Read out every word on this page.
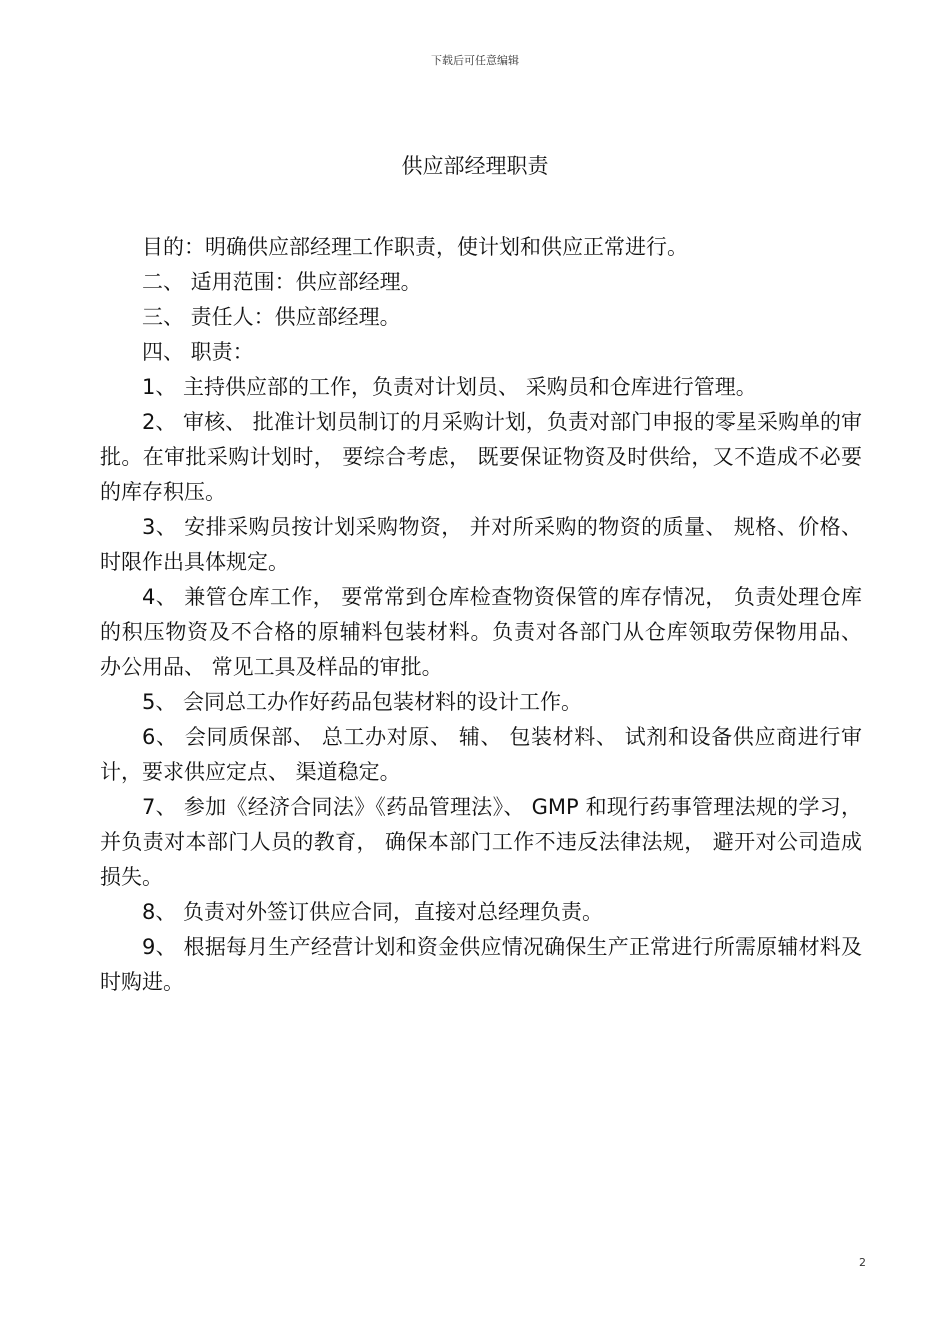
下载后可任意编辑
供应部经理职责

目的：明确供应部经理工作职责，使计划和供应正常进行。

二、 适用范围：供应部经理。

三、 责任人：供应部经理。

四、 职责：

1、 主持供应部的工作，负责对计划员、 采购员和仓库进行管理。

2、 审核、 批准计划员制订的月采购计划，负责对部门申报的零星采购单的审批。在审批采购计划时， 要综合考虑， 既要保证物资及时供给，又不造成不必要的库存积压。

3、 安排采购员按计划采购物资， 并对所采购的物资的质量、 规格、价格、 时限作出具体规定。

4、 兼管仓库工作， 要常常到仓库检查物资保管的库存情况， 负责处理仓库的积压物资及不合格的原辅料包装材料。负责对各部门从仓库领取劳保物用品、 办公用品、 常见工具及样品的审批。

5、 会同总工办作好药品包装材料的设计工作。

6、 会同质保部、 总工办对原、 辅、 包装材料、 试剂和设备供应商进行审计，要求供应定点、 渠道稳定。

7、 参加《经济合同法》《药品管理法》、 GMP 和现行药事管理法规的学习， 并负责对本部门人员的教育， 确保本部门工作不违反法律法规， 避开对公司造成损失。

8、 负责对外签订供应合同，直接对总经理负责。

9、 根据每月生产经营计划和资金供应情况确保生产正常进行所需原辅材料及时购进。

2
